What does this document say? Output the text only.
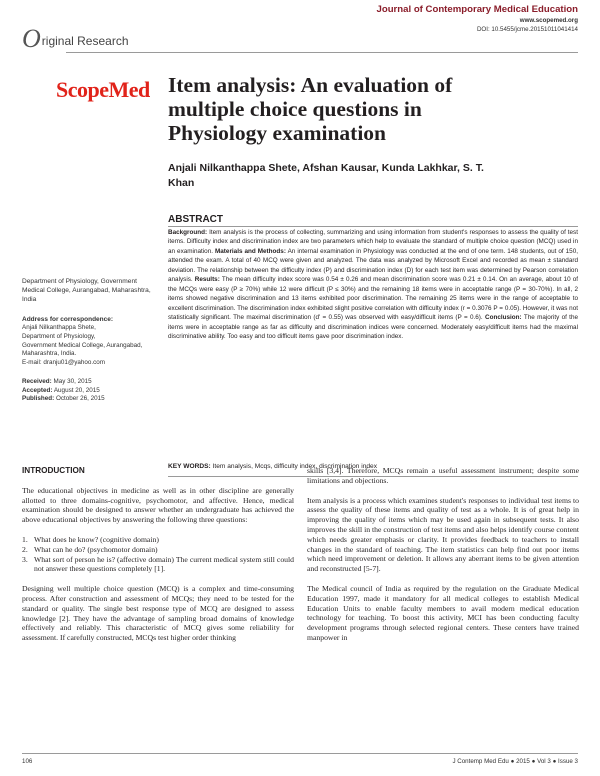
Journal of Contemporary Medical Education
www.scopemed.org
DOI: 10.5455/jcme.20151011041414
O riginal Research
ScopeMed Item analysis: An evaluation of multiple choice questions in Physiology examination
Anjali Nilkanthappa Shete, Afshan Kausar, Kunda Lakhkar, S. T. Khan
ABSTRACT
Background: Item analysis is the process of collecting, summarizing and using information from student's responses to assess the quality of test items. Difficulty index and discrimination index are two parameters which help to evaluate the standard of multiple choice question (MCQ) used in an examination. Materials and Methods: An internal examination in Physiology was conducted at the end of one term. 148 students, out of 150, attended the exam. A total of 40 MCQ were given and analyzed. The data was analyzed by Microsoft Excel and recorded as mean ± standard deviation. The relationship between the difficulty index (P) and discrimination index (D) for each test item was determined by Pearson correlation analysis. Results: The mean difficulty index score was 0.54 ± 0.26 and mean discrimination score was 0.21 ± 0.14. On an average, about 10 of the MCQs were easy (P ≥ 70%) while 12 were difficult (P ≤ 30%) and the remaining 18 items were in acceptable range (P = 30-70%). In all, 2 items showed negative discrimination and 13 items exhibited poor discrimination. The remaining 25 items were in the range of acceptable to excellent discrimination. The discrimination index exhibited slight positive correlation with difficulty index (r = 0.3076 P = 0.05). However, it was not statistically significant. The maximal discrimination (d' = 0.55) was observed with easy/difficult items (P = 0.6). Conclusion: The majority of the items were in acceptable range as far as difficulty and discrimination indices were concerned. Moderately easy/difficult items had the maximal discriminative ability. Too easy and too difficult items gave poor discrimination index.
KEY WORDS: Item analysis, Mcqs, difficulty index, discrimination index
Department of Physiology, Government Medical College, Aurangabad, Maharashtra, India
Address for correspondence:
Anjali Nilkanthappa Shete,
Department of Physiology,
Government Medical College, Aurangabad,
Maharashtra, India.
E-mail: dranju01@yahoo.com
Received: May 30, 2015
Accepted: August 20, 2015
Published: October 26, 2015
INTRODUCTION
The educational objectives in medicine as well as in other discipline are generally allotted to three domains-cognitive, psychomotor, and affective. Hence, medical examination should be designed to answer whether an undergraduate has achieved the above educational objectives by answering the following three questions:
1. What does he know? (cognitive domain)
2. What can he do? (psychomotor domain)
3. What sort of person he is? (affective domain) The current medical system still could not answer these questions completely [1].
Designing well multiple choice question (MCQ) is a complex and time-consuming process. After construction and assessment of MCQs; they need to be tested for the standard or quality. The single best response type of MCQ are designed to assess knowledge [2]. They have the advantage of sampling broad domains of knowledge effectively and reliably. This characteristic of MCQ gives some reliability for assessment. If carefully constructed, MCQs test higher order thinking
skills [3,4]. Therefore, MCQs remain a useful assessment instrument; despite some limitations and objections.
Item analysis is a process which examines student's responses to individual test items to assess the quality of these items and quality of test as a whole. It is of great help in improving the quality of items which may be used again in subsequent tests. It also improves the skill in the construction of test items and also helps identify course content which needs greater emphasis or clarity. It provides feedback to teachers to install changes in the standard of teaching. The item statistics can help find out poor items which need improvement or deletion. It allows any aberrant items to be given attention and reconstructed [5-7].
The Medical council of India as required by the regulation on the Graduate Medical Education 1997, made it mandatory for all medical colleges to establish Medical Education Units to enable faculty members to avail modern medical education technology for teaching. To boost this activity, MCI has been conducting faculty development programs through selected regional centers. These centers have trained manpower in
106	J Contemp Med Edu ● 2015 ● Vol 3 ● Issue 3
